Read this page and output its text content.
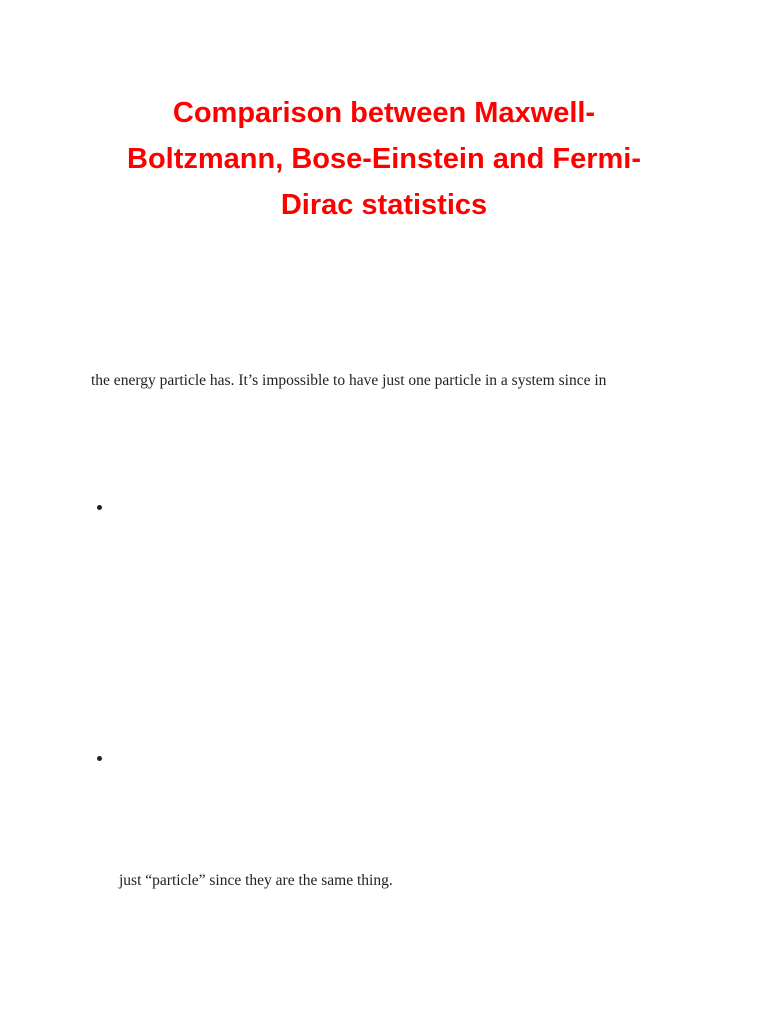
Comparison between Maxwell-
Boltzmann, Bose-Einstein and Fermi-
Dirac statistics

the energy particle has. It’s impossible to have just one particle in a system since in

just “particle” since they are the same thing.
